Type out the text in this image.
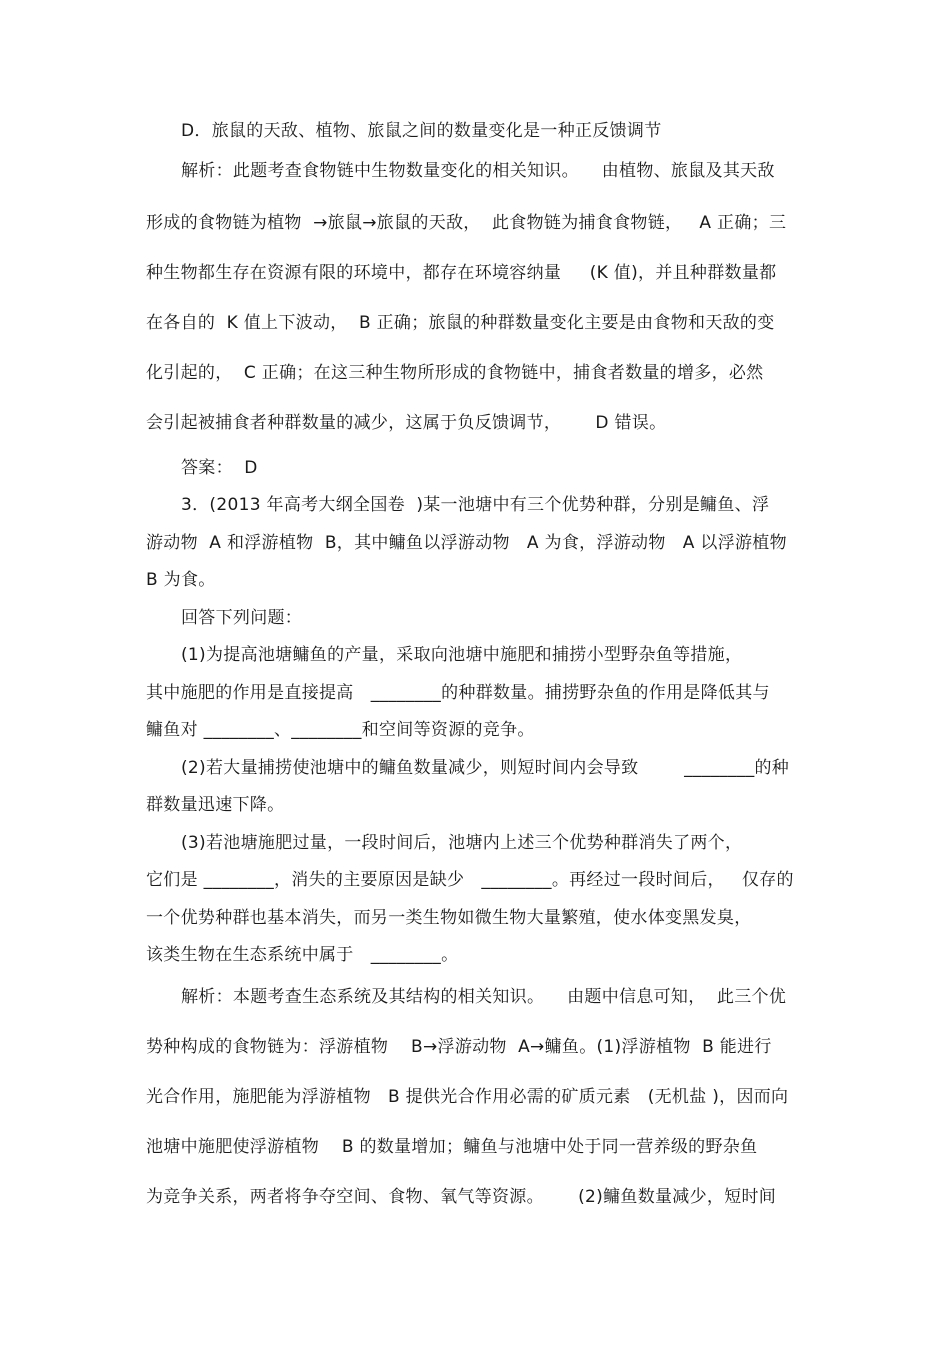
D．旅鼠的天敌、植物、旅鼠之间的数量变化是一种正反馈调节
解析：此题考查食物链中生物数量变化的相关知识。    由植物、旅鼠及其天敌
形成的食物链为植物  →旅鼠→旅鼠的天敌，  此食物链为捕食食物链，   A 正确；三
种生物都生存在资源有限的环境中，都存在环境容纳量     (K 值)，并且种群数量都
在各自的  K 值上下波动，  B 正确；旅鼠的种群数量变化主要是由食物和天敌的变
化引起的，  C 正确；在这三种生物所形成的食物链中，捕食者数量的增多，必然
会引起被捕食者种群数量的减少，这属于负反馈调节，      D 错误。
答案：  D
3．(2013 年高考大纲全国卷  )某一池塘中有三个优势种群，分别是鳙鱼、浮
游动物  A 和浮游植物  B，其中鳙鱼以浮游动物   A 为食，浮游动物   A 以浮游植物
B 为食。
回答下列问题：
(1)为提高池塘鳙鱼的产量，采取向池塘中施肥和捕捞小型野杂鱼等措施，
其中施肥的作用是直接提高   ________的种群数量。捕捞野杂鱼的作用是降低其与
鳙鱼对 ________、________和空间等资源的竞争。
(2)若大量捕捞使池塘中的鳙鱼数量减少，则短时间内会导致        ________的种
群数量迅速下降。
(3)若池塘施肥过量，一段时间后，池塘内上述三个优势种群消失了两个，
它们是 ________，消失的主要原因是缺少   ________。再经过一段时间后，   仅存的
一个优势种群也基本消失，而另一类生物如微生物大量繁殖，使水体变黑发臭，
该类生物在生态系统中属于   ________。
解析：本题考查生态系统及其结构的相关知识。    由题中信息可知，  此三个优
势种构成的食物链为：浮游植物    B→浮游动物  A→鳙鱼。(1)浮游植物  B 能进行
光合作用，施肥能为浮游植物   B 提供光合作用必需的矿质元素   (无机盐 )，因而向
池塘中施肥使浮游植物    B 的数量增加；鳙鱼与池塘中处于同一营养级的野杂鱼
为竞争关系，两者将争夺空间、食物、氧气等资源。      (2)鳙鱼数量减少，短时间
